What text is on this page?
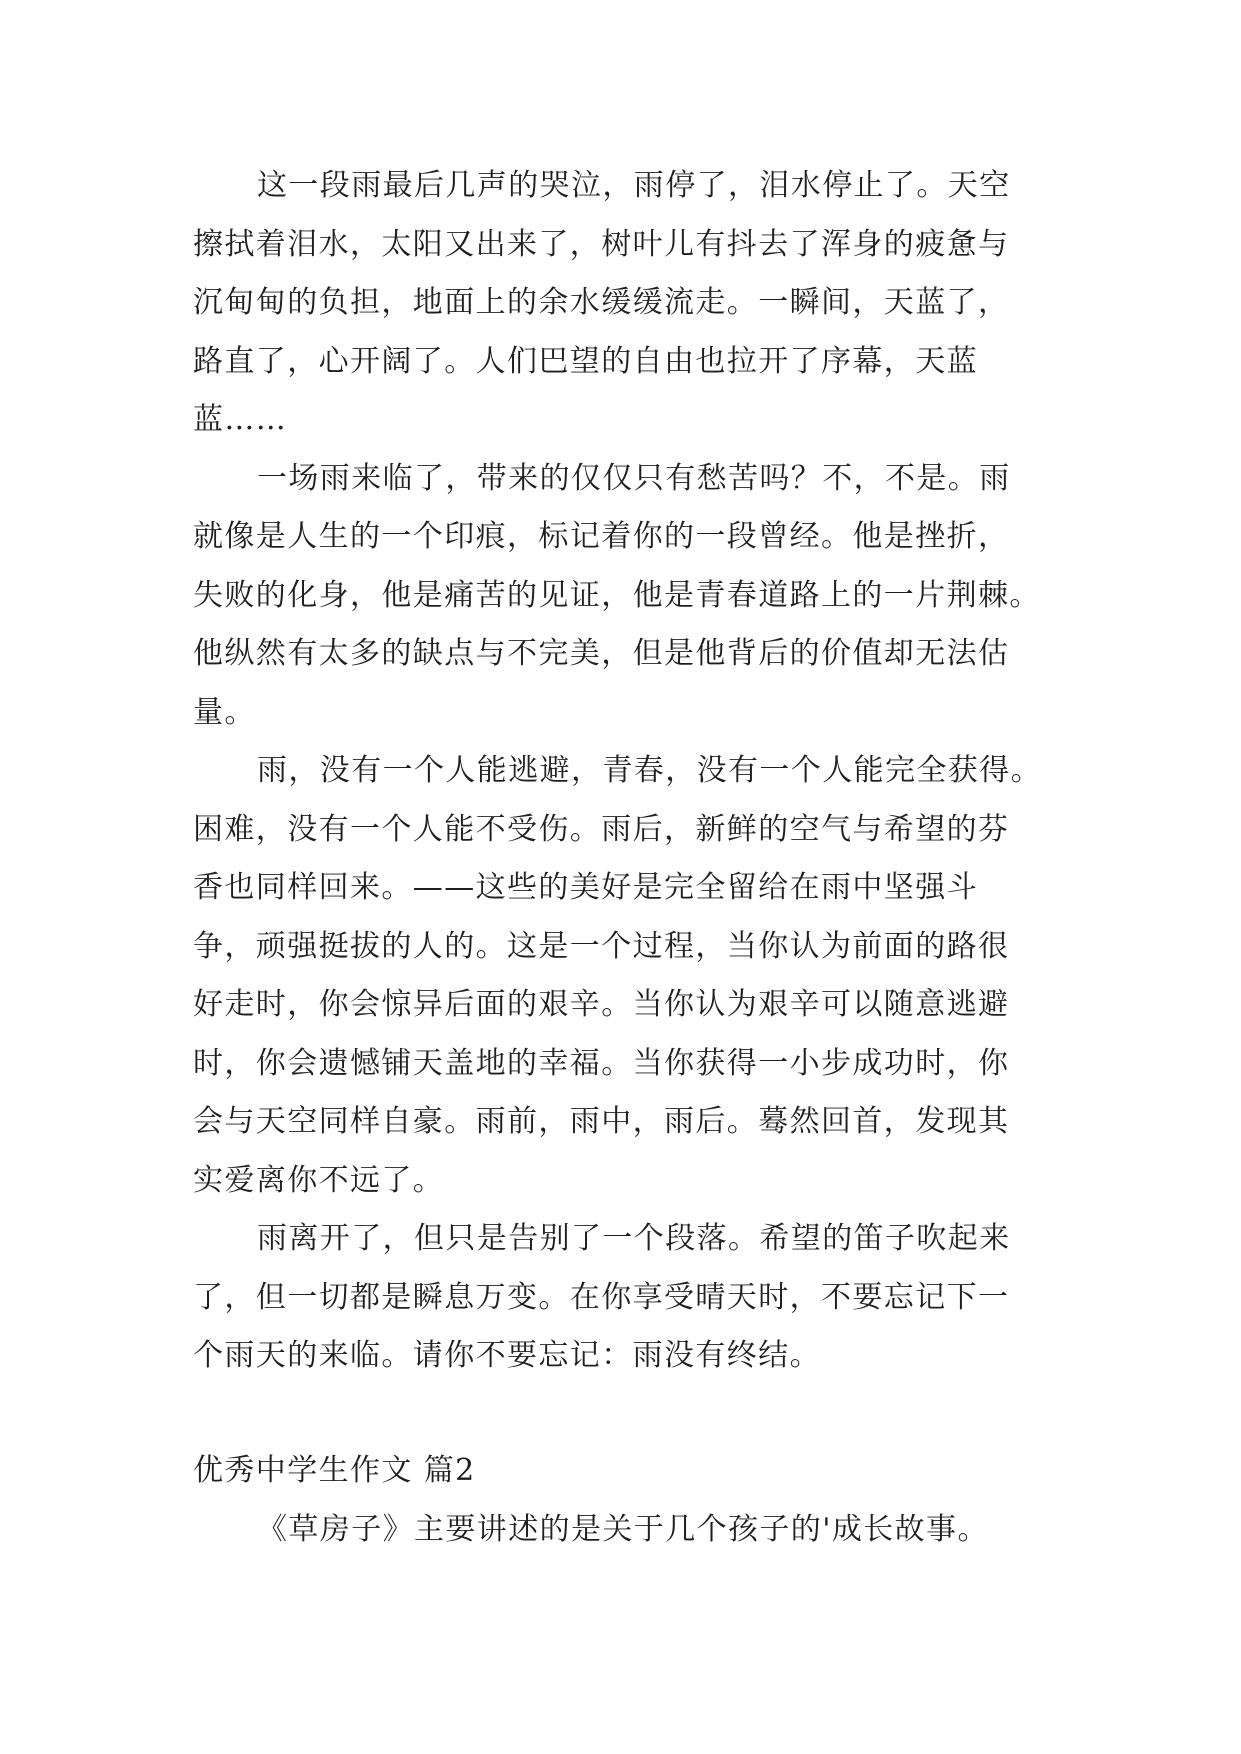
这一段雨最后几声的哭泣，雨停了，泪水停止了。天空
擦拭着泪水，太阳又出来了，树叶儿有抖去了浑身的疲惫与
沉甸甸的负担，地面上的余水缓缓流走。一瞬间，天蓝了，
路直了，心开阔了。人们巴望的自由也拉开了序幕，天蓝
蓝……
一场雨来临了，带来的仅仅只有愁苦吗？不，不是。雨
就像是人生的一个印痕，标记着你的一段曾经。他是挫折，
失败的化身，他是痛苦的见证，他是青春道路上的一片荆棘。
他纵然有太多的缺点与不完美，但是他背后的价值却无法估
量。
雨，没有一个人能逃避，青春，没有一个人能完全获得。
困难，没有一个人能不受伤。雨后，新鲜的空气与希望的芬
香也同样回来。——这些的美好是完全留给在雨中坚强斗
争，顽强挺拔的人的。这是一个过程，当你认为前面的路很
好走时，你会惊异后面的艰辛。当你认为艰辛可以随意逃避
时，你会遗憾铺天盖地的幸福。当你获得一小步成功时，你
会与天空同样自豪。雨前，雨中，雨后。蓦然回首，发现其
实爱离你不远了。
雨离开了，但只是告别了一个段落。希望的笛子吹起来
了，但一切都是瞬息万变。在你享受晴天时，不要忘记下一
个雨天的来临。请你不要忘记：雨没有终结。
优秀中学生作文 篇2
《草房子》主要讲述的是关于几个孩子的'成长故事。
